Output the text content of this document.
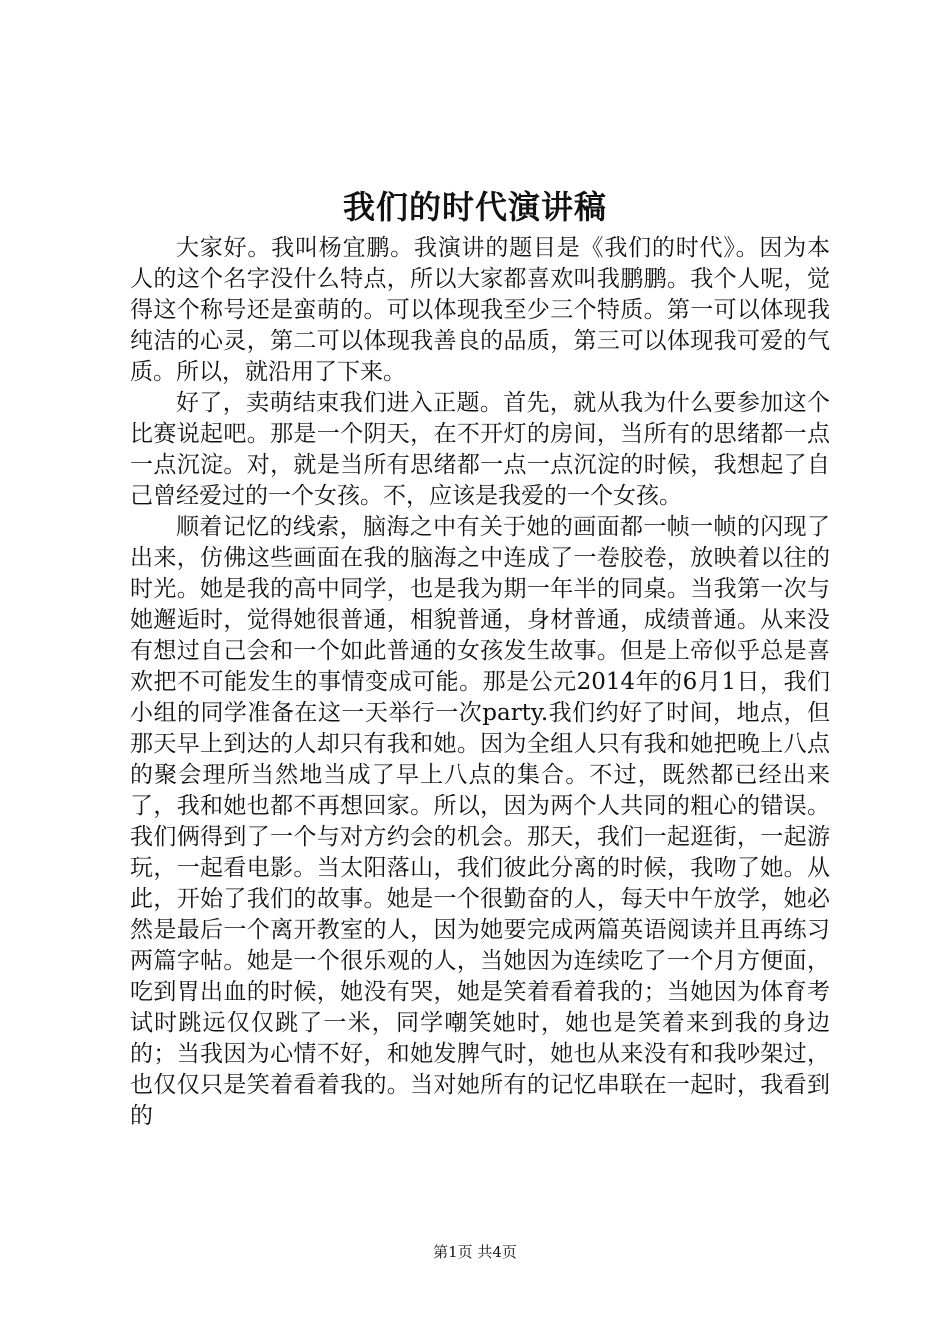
我们的时代演讲稿

大家好。我叫杨宜鹏。我演讲的题目是《我们的时代》。因为本人的这个名字没什么特点，所以大家都喜欢叫我鹏鹏。我个人呢，觉得这个称号还是蛮萌的。可以体现我至少三个特质。第一可以体现我纯洁的心灵，第二可以体现我善良的品质，第三可以体现我可爱的气质。所以，就沿用了下来。

好了，卖萌结束我们进入正题。首先，就从我为什么要参加这个比赛说起吧。那是一个阴天，在不开灯的房间，当所有的思绪都一点一点沉淀。对，就是当所有思绪都一点一点沉淀的时候，我想起了自己曾经爱过的一个女孩。不，应该是我爱的一个女孩。

顺着记忆的线索，脑海之中有关于她的画面都一帧一帧的闪现了出来，仿佛这些画面在我的脑海之中连成了一卷胶卷，放映着以往的时光。她是我的高中同学，也是我为期一年半的同桌。当我第一次与她邂逅时，觉得她很普通，相貌普通，身材普通，成绩普通。从来没有想过自己会和一个如此普通的女孩发生故事。但是上帝似乎总是喜欢把不可能发生的事情变成可能。那是公元2014年的6月1日，我们小组的同学准备在这一天举行一次party.我们约好了时间，地点，但那天早上到达的人却只有我和她。因为全组人只有我和她把晚上八点的聚会理所当然地当成了早上八点的集合。不过，既然都已经出来了，我和她也都不再想回家。所以，因为两个人共同的粗心的错误。我们俩得到了一个与对方约会的机会。那天，我们一起逛街，一起游玩，一起看电影。当太阳落山，我们彼此分离的时候，我吻了她。从此，开始了我们的故事。她是一个很勤奋的人，每天中午放学，她必然是最后一个离开教室的人，因为她要完成两篇英语阅读并且再练习两篇字帖。她是一个很乐观的人，当她因为连续吃了一个月方便面，吃到胃出血的时候，她没有哭，她是笑着看着我的；当她因为体育考试时跳远仅仅跳了一米，同学嘲笑她时，她也是笑着来到我的身边的；当我因为心情不好，和她发脾气时，她也从来没有和我吵架过，也仅仅只是笑着看着我的。当对她所有的记忆串联在一起时，我看到的

第1页 共4页
